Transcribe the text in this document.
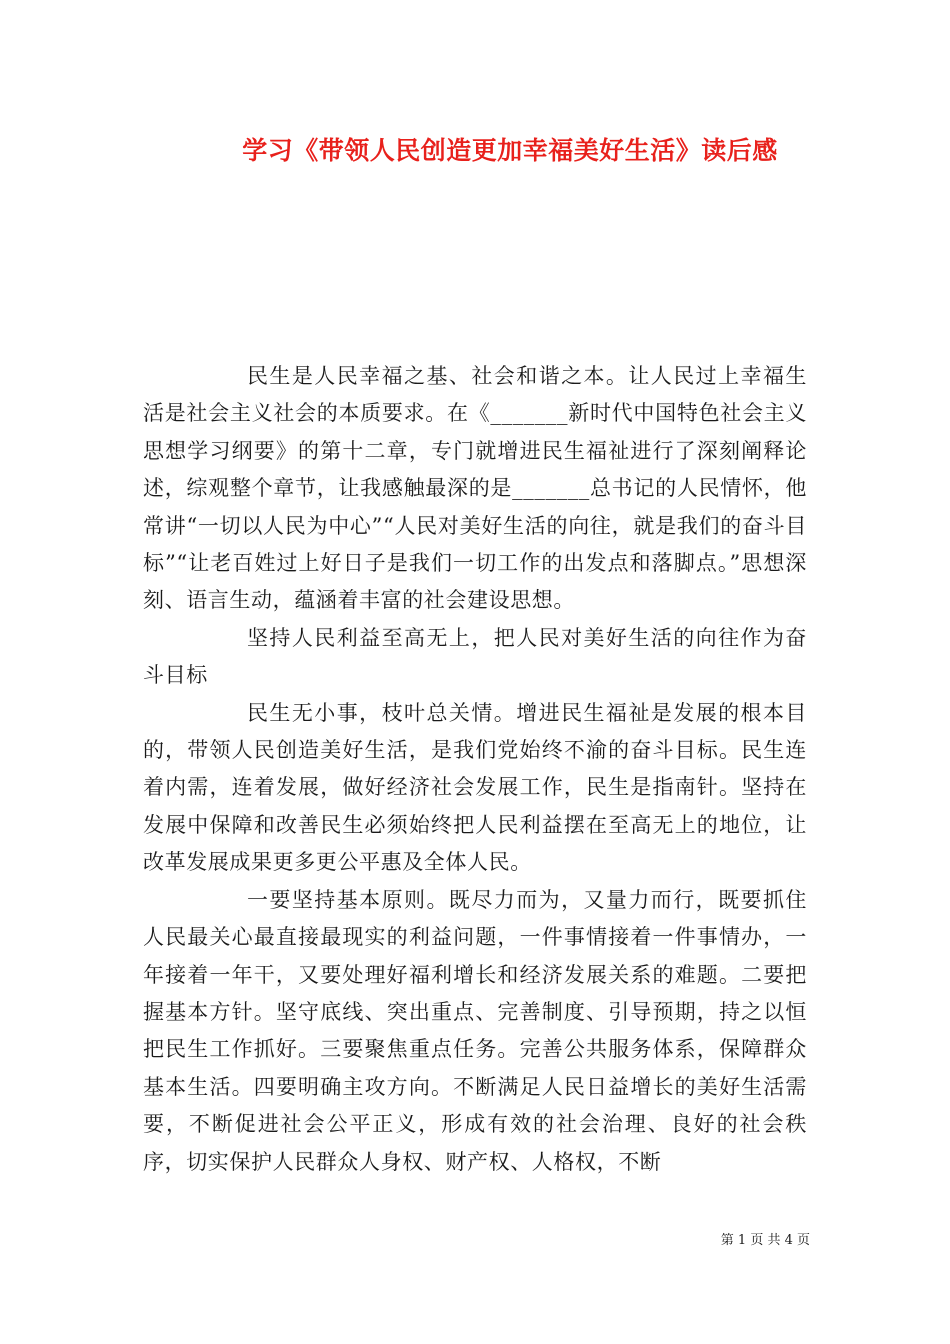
学习《带领人民创造更加幸福美好生活》读后感

民生是人民幸福之基、社会和谐之本。让人民过上幸福生活是社会主义社会的本质要求。在《_______新时代中国特色社会主义思想学习纲要》的第十二章，专门就增进民生福祉进行了深刻阐释论述，综观整个章节，让我感触最深的是_______总书记的人民情怀，他常讲“一切以人民为中心”“人民对美好生活的向往，就是我们的奋斗目标”“让老百姓过上好日子是我们一切工作的出发点和落脚点。”思想深刻、语言生动，蕴涵着丰富的社会建设思想。

坚持人民利益至高无上，把人民对美好生活的向往作为奋斗目标

民生无小事，枝叶总关情。增进民生福祉是发展的根本目的，带领人民创造美好生活，是我们党始终不渝的奋斗目标。民生连着内需，连着发展，做好经济社会发展工作，民生是指南针。坚持在发展中保障和改善民生必须始终把人民利益摆在至高无上的地位，让改革发展成果更多更公平惠及全体人民。

一要坚持基本原则。既尽力而为，又量力而行，既要抓住人民最关心最直接最现实的利益问题，一件事情接着一件事情办，一年接着一年干，又要处理好福利增长和经济发展关系的难题。二要把握基本方针。坚守底线、突出重点、完善制度、引导预期，持之以恒把民生工作抓好。三要聚焦重点任务。完善公共服务体系，保障群众基本生活。四要明确主攻方向。不断满足人民日益增长的美好生活需要，不断促进社会公平正义，形成有效的社会治理、良好的社会秩序，切实保护人民群众人身权、财产权、人格权，不断

第 1 页 共 4 页
